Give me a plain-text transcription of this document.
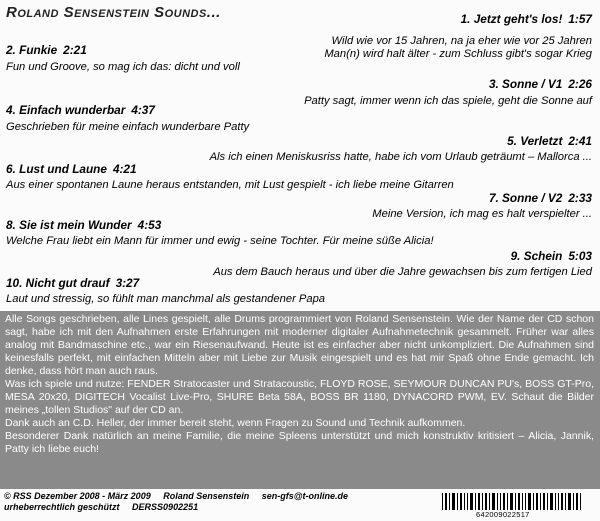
Roland Sensenstein Sounds...	1. Jetzt geht's los! 1:57
Wild wie vor 15 Jahren, na ja eher wie vor 25 Jahren
Man(n) wird halt älter - zum Schluss gibt's sogar Krieg
2. Funkie 2:21
Fun und Groove, so mag ich das: dicht und voll
3. Sonne / V1 2:26
Patty sagt, immer wenn ich das spiele, geht die Sonne auf
4. Einfach wunderbar 4:37
Geschrieben für meine einfach wunderbare Patty
5. Verletzt 2:41
Als ich einen Meniskusriss hatte, habe ich vom Urlaub geträumt – Mallorca ...
6. Lust und Laune 4:21
Aus einer spontanen Laune heraus entstanden, mit Lust gespielt - ich liebe meine Gitarren
7. Sonne / V2 2:33
Meine Version, ich mag es halt verspielter ...
8. Sie ist mein Wunder 4:53
Welche Frau liebt ein Mann für immer und ewig - seine Tochter. Für meine süße Alicia!
9. Schein 5:03
Aus dem Bauch heraus und über die Jahre gewachsen bis zum fertigen Lied
10. Nicht gut drauf 3:27
Laut und stressig, so fühlt man manchmal als gestandener Papa

Alle Songs geschrieben, alle Lines gespielt, alle Drums programmiert von Roland Sensenstein. Wie der Name der CD schon sagt, habe ich mit den Aufnahmen erste Erfahrungen mit moderner digitaler Aufnahmetechnik gesammelt. Früher war alles analog mit Bandmaschine etc., war ein Riesenaufwand. Heute ist es einfacher aber nicht unkompliziert. Die Aufnahmen sind keinesfalls perfekt, mit einfachen Mitteln aber mit Liebe zur Musik eingespielt und es hat mir Spaß ohne Ende gemacht. Ich denke, dass hört man auch raus.

Was ich spiele und nutze: FENDER Stratocaster und Stratacoustic, FLOYD ROSE, SEYMOUR DUNCAN PU's, BOSS GT-Pro, MESA 20x20, DIGITECH Vocalist Live-Pro, SHURE Beta 58A, BOSS BR 1180, DYNACORD PWM, EV. Schaut die Bilder meines „tollen Studios" auf der CD an.

Dank auch an C.D. Heller, der immer bereit steht, wenn Fragen zu Sound und Technik aufkommen.

Besonderer Dank natürlich an meine Familie, die meine Spleens unterstützt und mich konstruktiv kritisiert – Alicia, Jannik, Patty ich liebe euch!

© RSS Dezember 2008 - März 2009 Roland Sensenstein sen-gfs@t-online.de
urheberrechtlich geschützt DERSS0902251
642009022517
